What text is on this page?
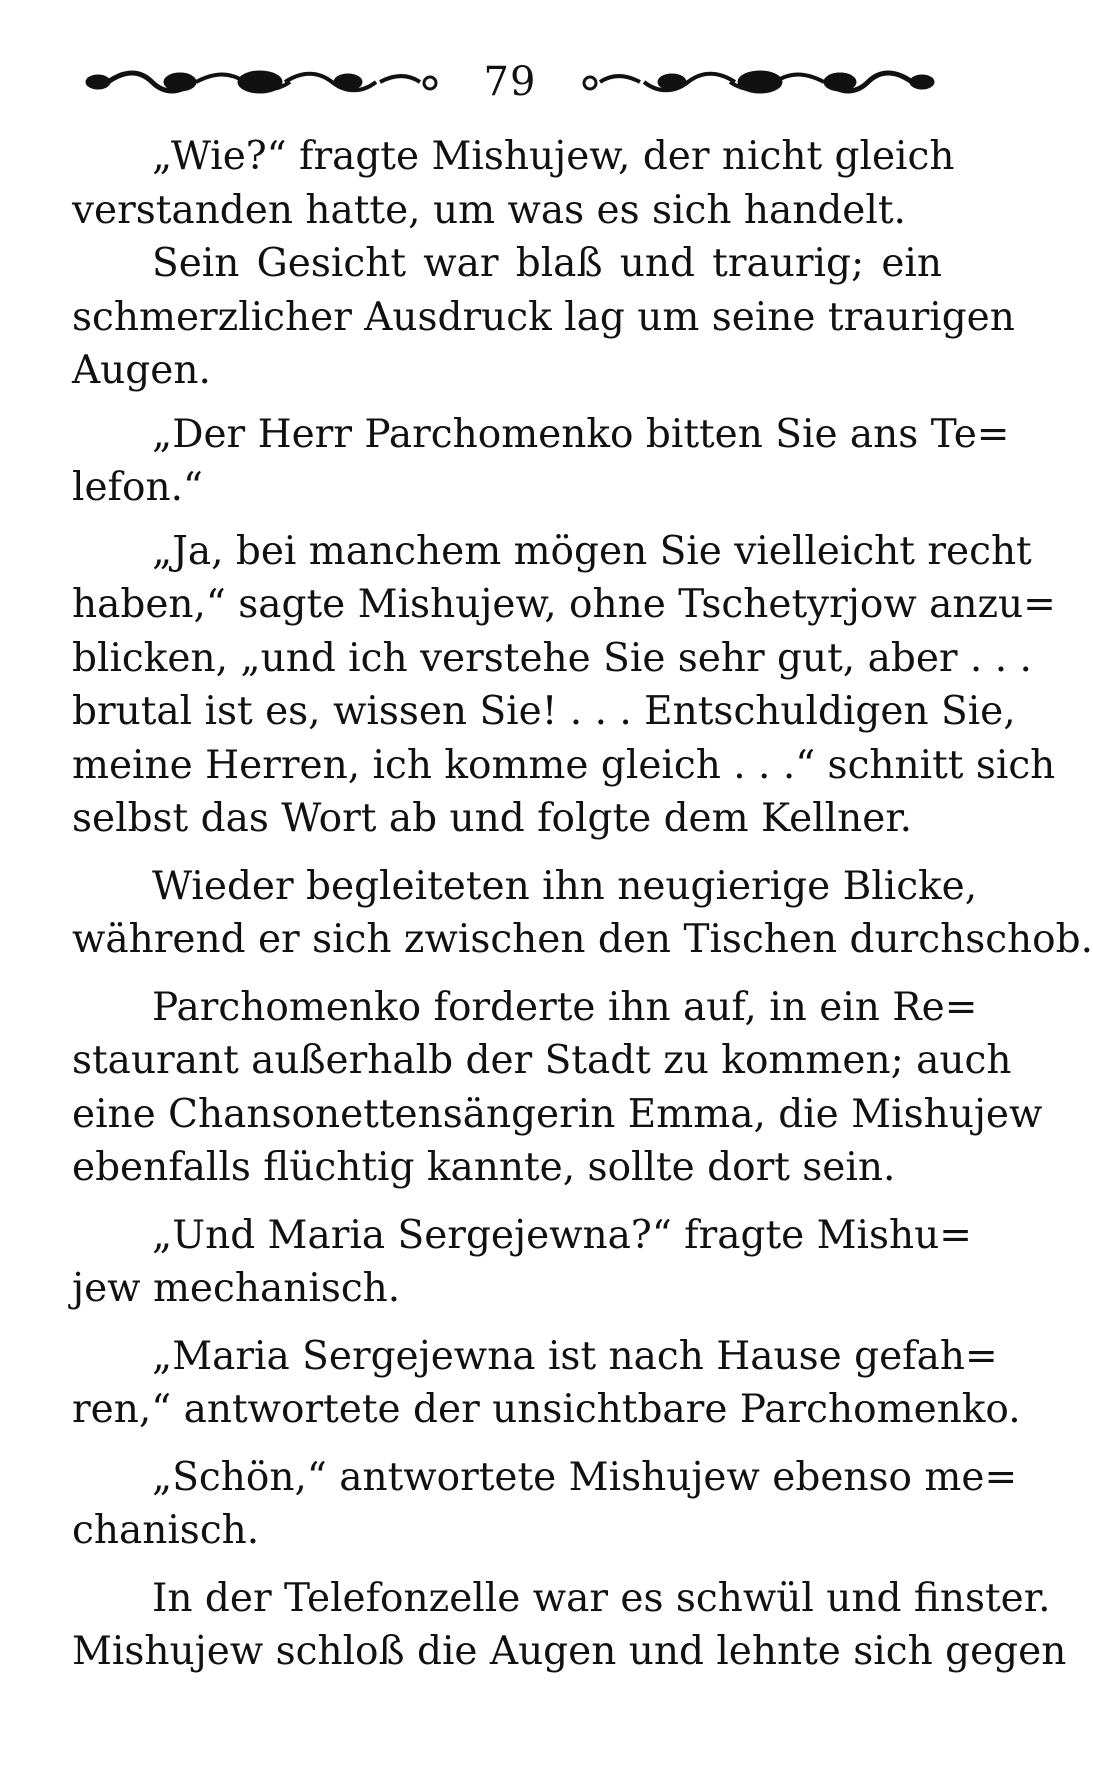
79
„Wie?“ fragte Mishujew, der nicht gleich
verstanden hatte, um was es sich handelt.
Sein Gesicht war blaß und traurig; ein
schmerzlicher Ausdruck lag um seine traurigen
Augen.
„Der Herr Parchomenko bitten Sie ans Te=
lefon.“
„Ja, bei manchem mögen Sie vielleicht recht
haben,“ sagte Mishujew, ohne Tschetyrjow anzu=
blicken, „und ich verstehe Sie sehr gut, aber . . .
brutal ist es, wissen Sie! . . . Entschuldigen Sie,
meine Herren, ich komme gleich . . .“ schnitt sich
selbst das Wort ab und folgte dem Kellner.
Wieder begleiteten ihn neugierige Blicke,
während er sich zwischen den Tischen durchschob.
Parchomenko forderte ihn auf, in ein Re=
staurant außerhalb der Stadt zu kommen; auch
eine Chansonettensängerin Emma, die Mishujew
ebenfalls flüchtig kannte, sollte dort sein.
„Und Maria Sergejewna?“ fragte Mishu=
jew mechanisch.
„Maria Sergejewna ist nach Hause gefah=
ren,“ antwortete der unsichtbare Parchomenko.
„Schön,“ antwortete Mishujew ebenso me=
chanisch.
In der Telefonzelle war es schwül und finster.
Mishujew schloß die Augen und lehnte sich gegen
